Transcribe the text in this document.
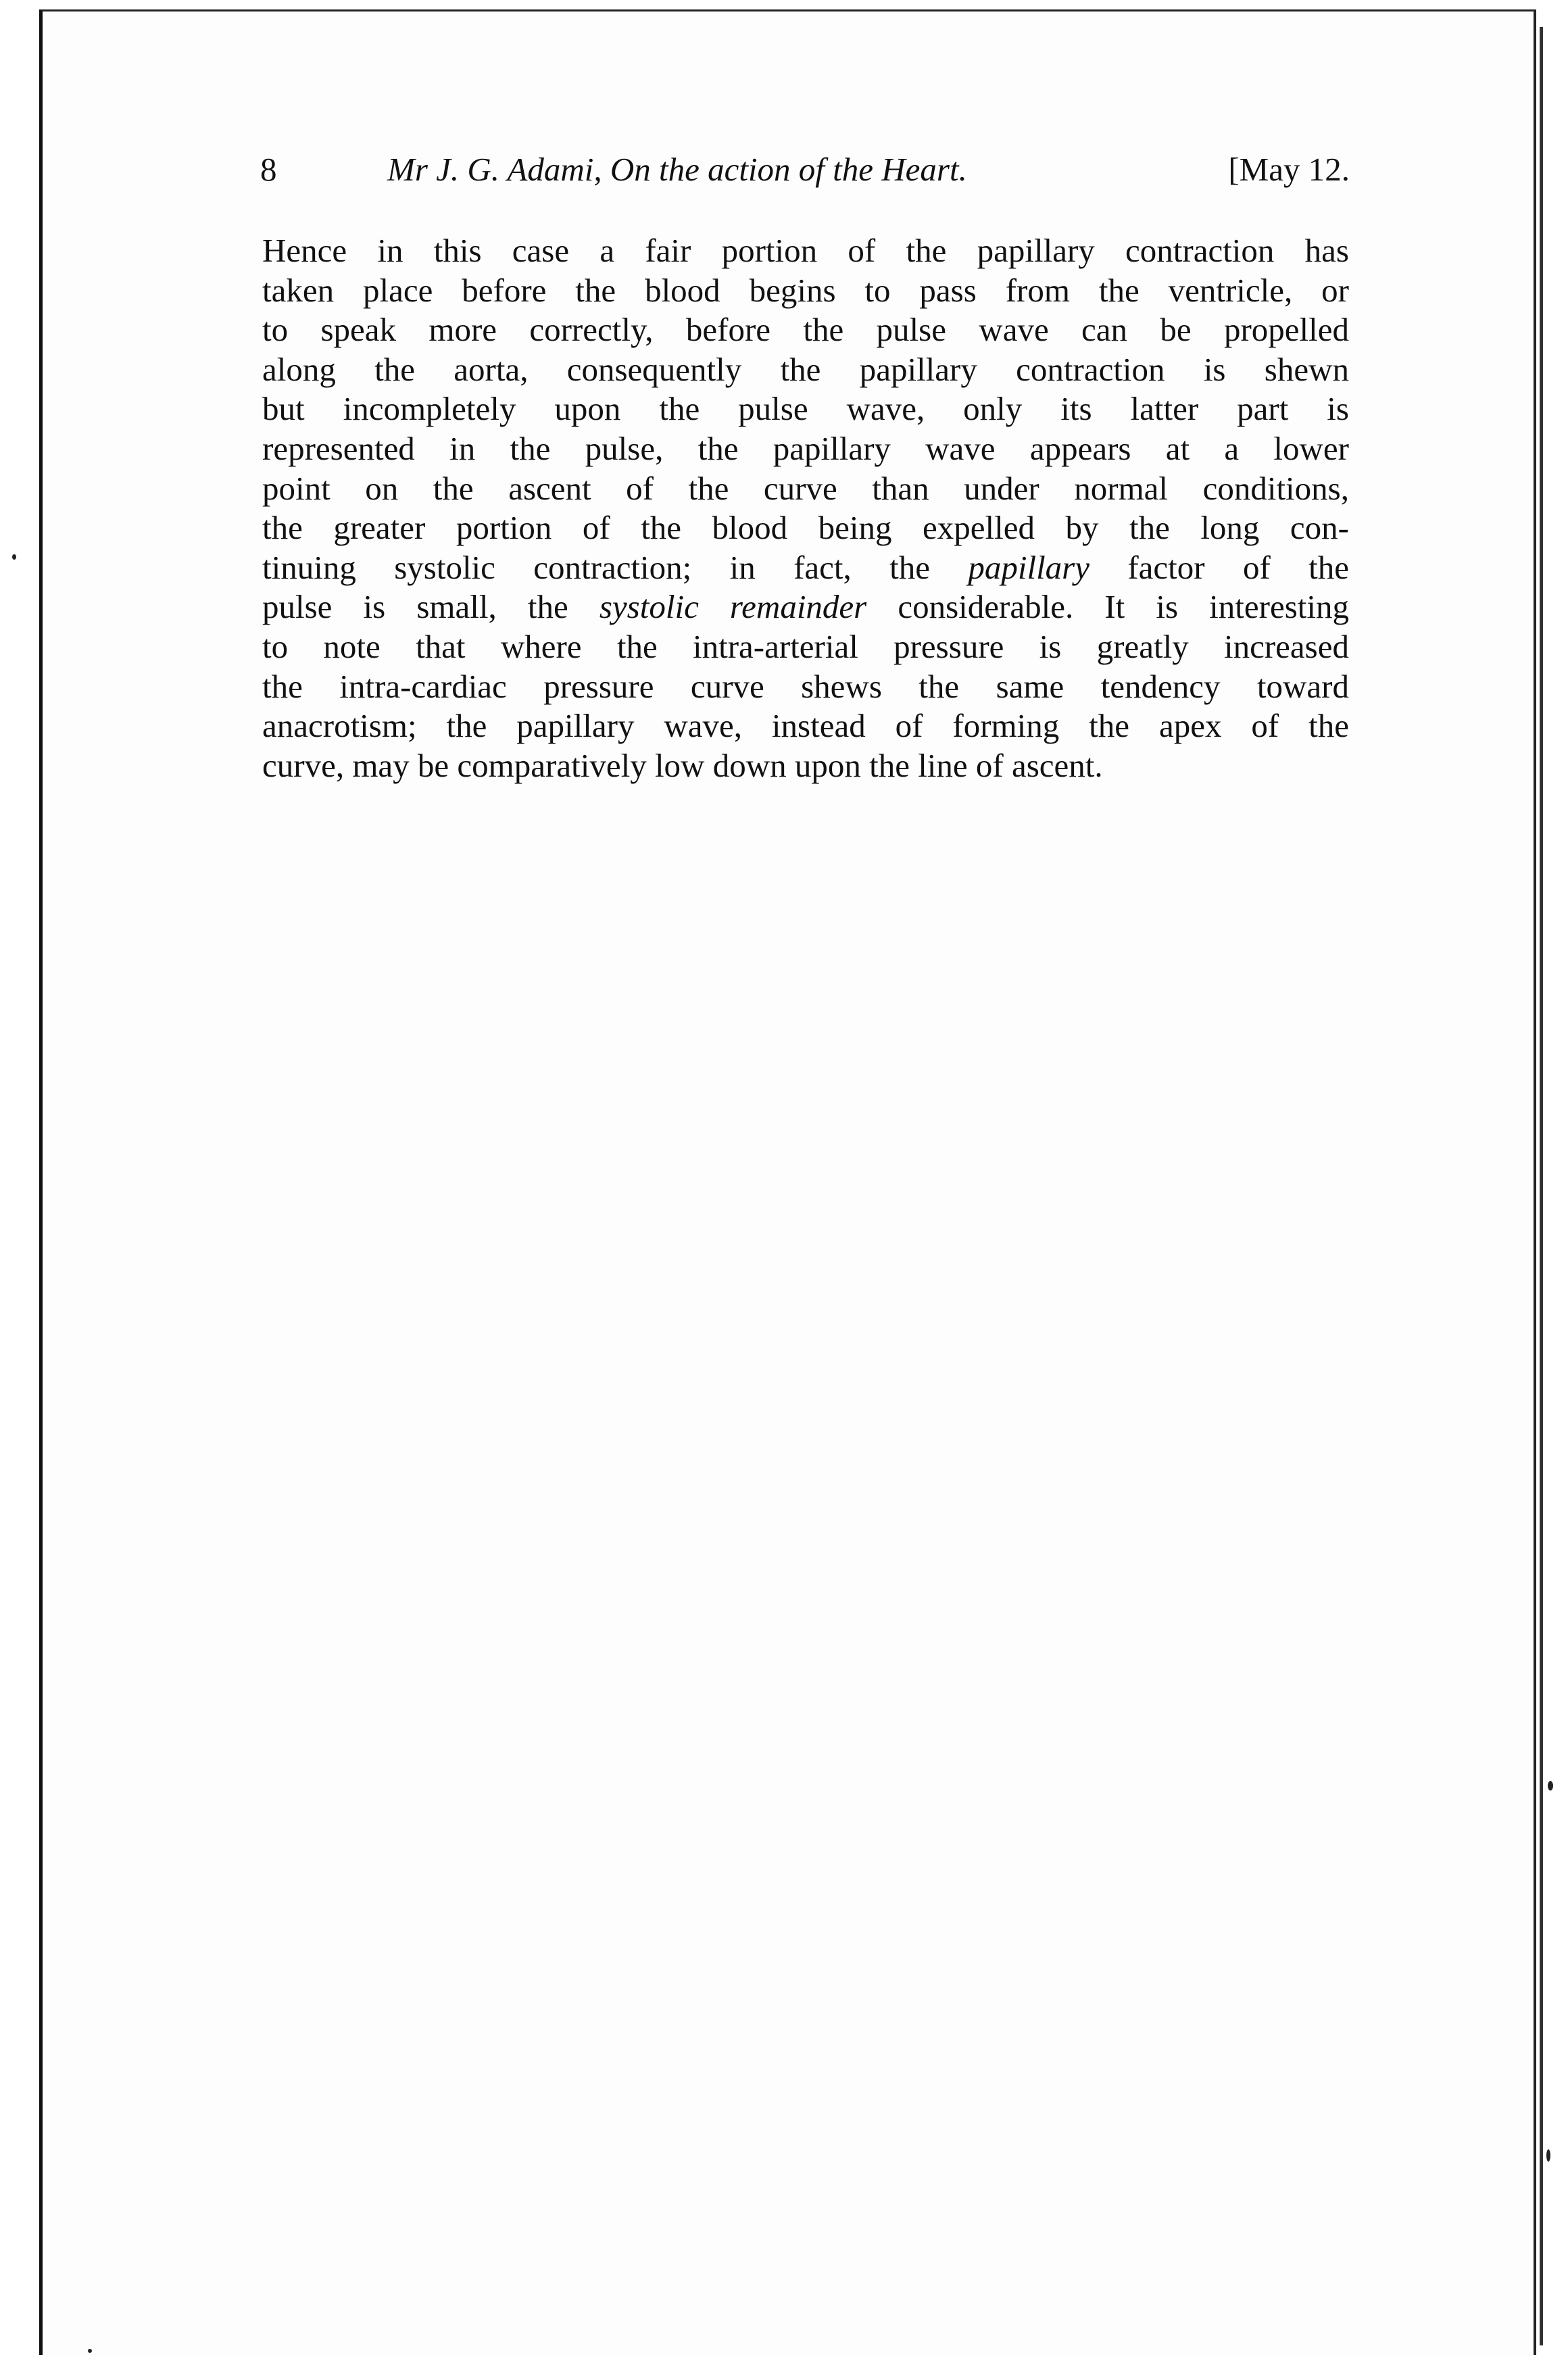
8	Mr J. G. Adami, On the action of the Heart.	[May 12.
Hence in this case a fair portion of the papillary contraction has
taken place before the blood begins to pass from the ventricle, or
to speak more correctly, before the pulse wave can be propelled
along the aorta, consequently the papillary contraction is shewn
but incompletely upon the pulse wave, only its latter part is
represented in the pulse, the papillary wave appears at a lower
point on the ascent of the curve than under normal conditions,
the greater portion of the blood being expelled by the long con-
tinuing systolic contraction; in fact, the papillary factor of the
pulse is small, the systolic remainder considerable. It is interesting
to note that where the intra-arterial pressure is greatly increased
the intra-cardiac pressure curve shews the same tendency toward
anacrotism; the papillary wave, instead of forming the apex of the
curve, may be comparatively low down upon the line of ascent.
